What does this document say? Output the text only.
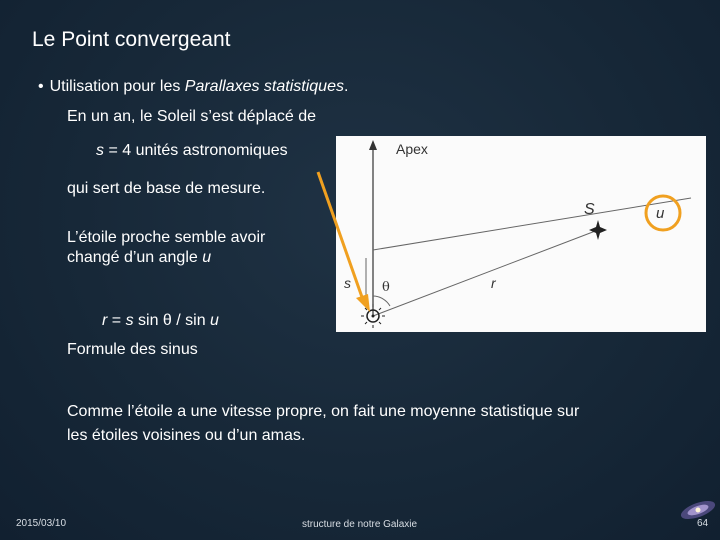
Le Point convergeant
• Utilisation pour les Parallaxes statistiques.
En un an, le Soleil s’est déplacé de
s = 4 unités astronomiques
qui sert de base de mesure.
L’étoile proche semble avoir
changé d’un angle u
r = s sin θ / sin u
Formule des sinus
Comme l’étoile a une vitesse propre, on fait une moyenne statistique sur
les étoiles voisines ou d’un amas.
Apex
s θ	r
S	u
2015/03/10	structure de notre Galaxie	64
